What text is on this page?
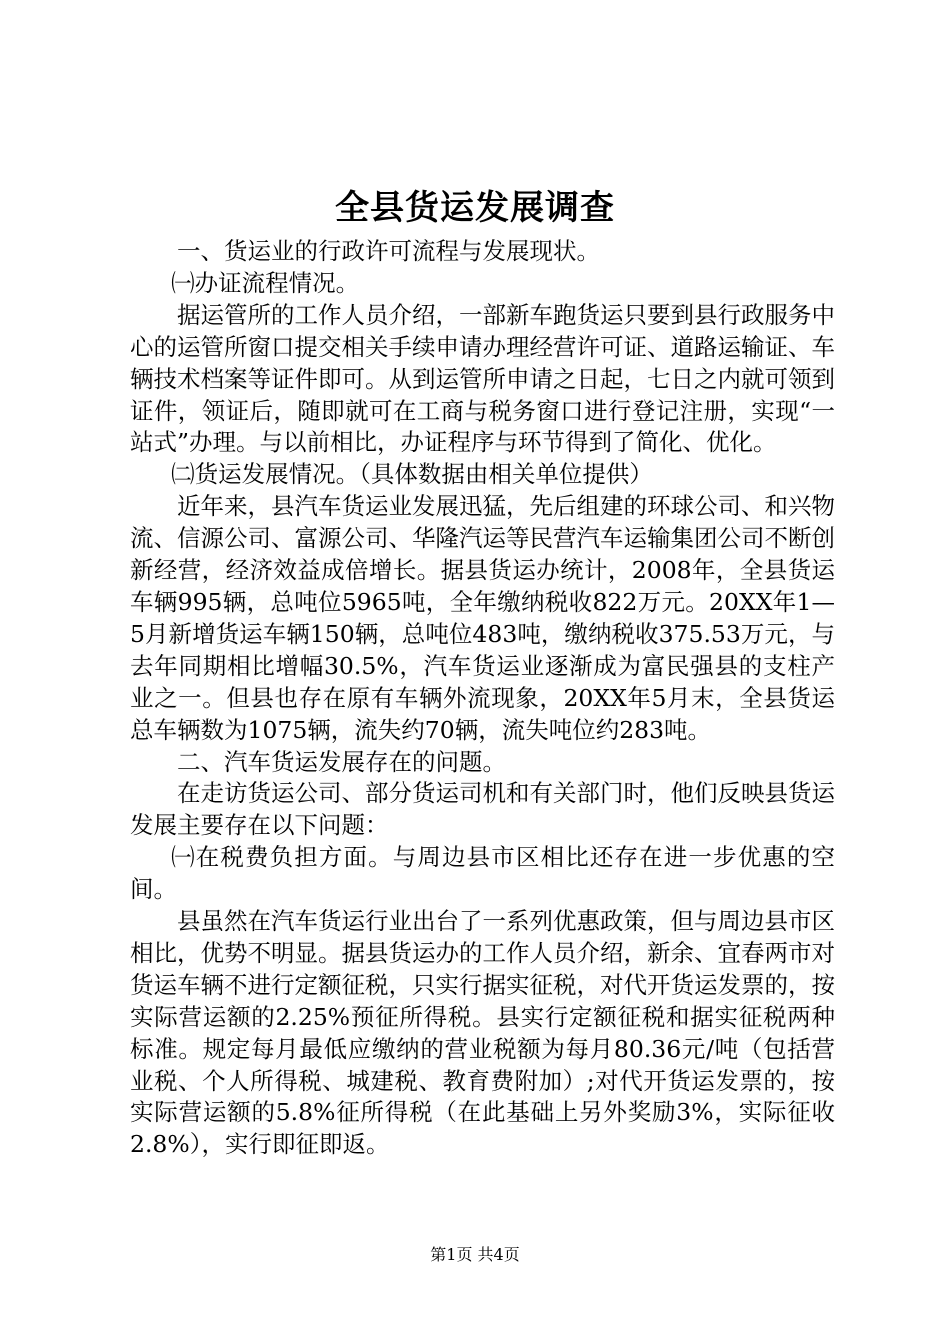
全县货运发展调查

一、货运业的行政许可流程与发展现状。

㈠办证流程情况。

据运管所的工作人员介绍，一部新车跑货运只要到县行政服务中心的运管所窗口提交相关手续申请办理经营许可证、道路运输证、车辆技术档案等证件即可。从到运管所申请之日起，七日之内就可领到证件，领证后，随即就可在工商与税务窗口进行登记注册，实现“一站式”办理。与以前相比，办证程序与环节得到了简化、优化。

㈡货运发展情况。（具体数据由相关单位提供）

近年来，县汽车货运业发展迅猛，先后组建的环球公司、和兴物流、信源公司、富源公司、华隆汽运等民营汽车运输集团公司不断创新经营，经济效益成倍增长。据县货运办统计，2008年，全县货运车辆995辆，总吨位5965吨，全年缴纳税收822万元。20XX年1—5月新增货运车辆150辆，总吨位483吨，缴纳税收375.53万元，与去年同期相比增幅30.5%，汽车货运业逐渐成为富民强县的支柱产业之一。但县也存在原有车辆外流现象，20XX年5月末，全县货运总车辆数为1075辆，流失约70辆，流失吨位约283吨。

二、汽车货运发展存在的问题。

在走访货运公司、部分货运司机和有关部门时，他们反映县货运发展主要存在以下问题：

㈠在税费负担方面。与周边县市区相比还存在进一步优惠的空间。

县虽然在汽车货运行业出台了一系列优惠政策，但与周边县市区相比，优势不明显。据县货运办的工作人员介绍，新余、宜春两市对货运车辆不进行定额征税，只实行据实征税，对代开货运发票的，按实际营运额的2.25%预征所得税。县实行定额征税和据实征税两种标准。规定每月最低应缴纳的营业税额为每月80.36元/吨（包括营业税、个人所得税、城建税、教育费附加）;对代开货运发票的，按实际营运额的5.8%征所得税（在此基础上另外奖励3%，实际征收2.8%），实行即征即返。

第1页 共4页
